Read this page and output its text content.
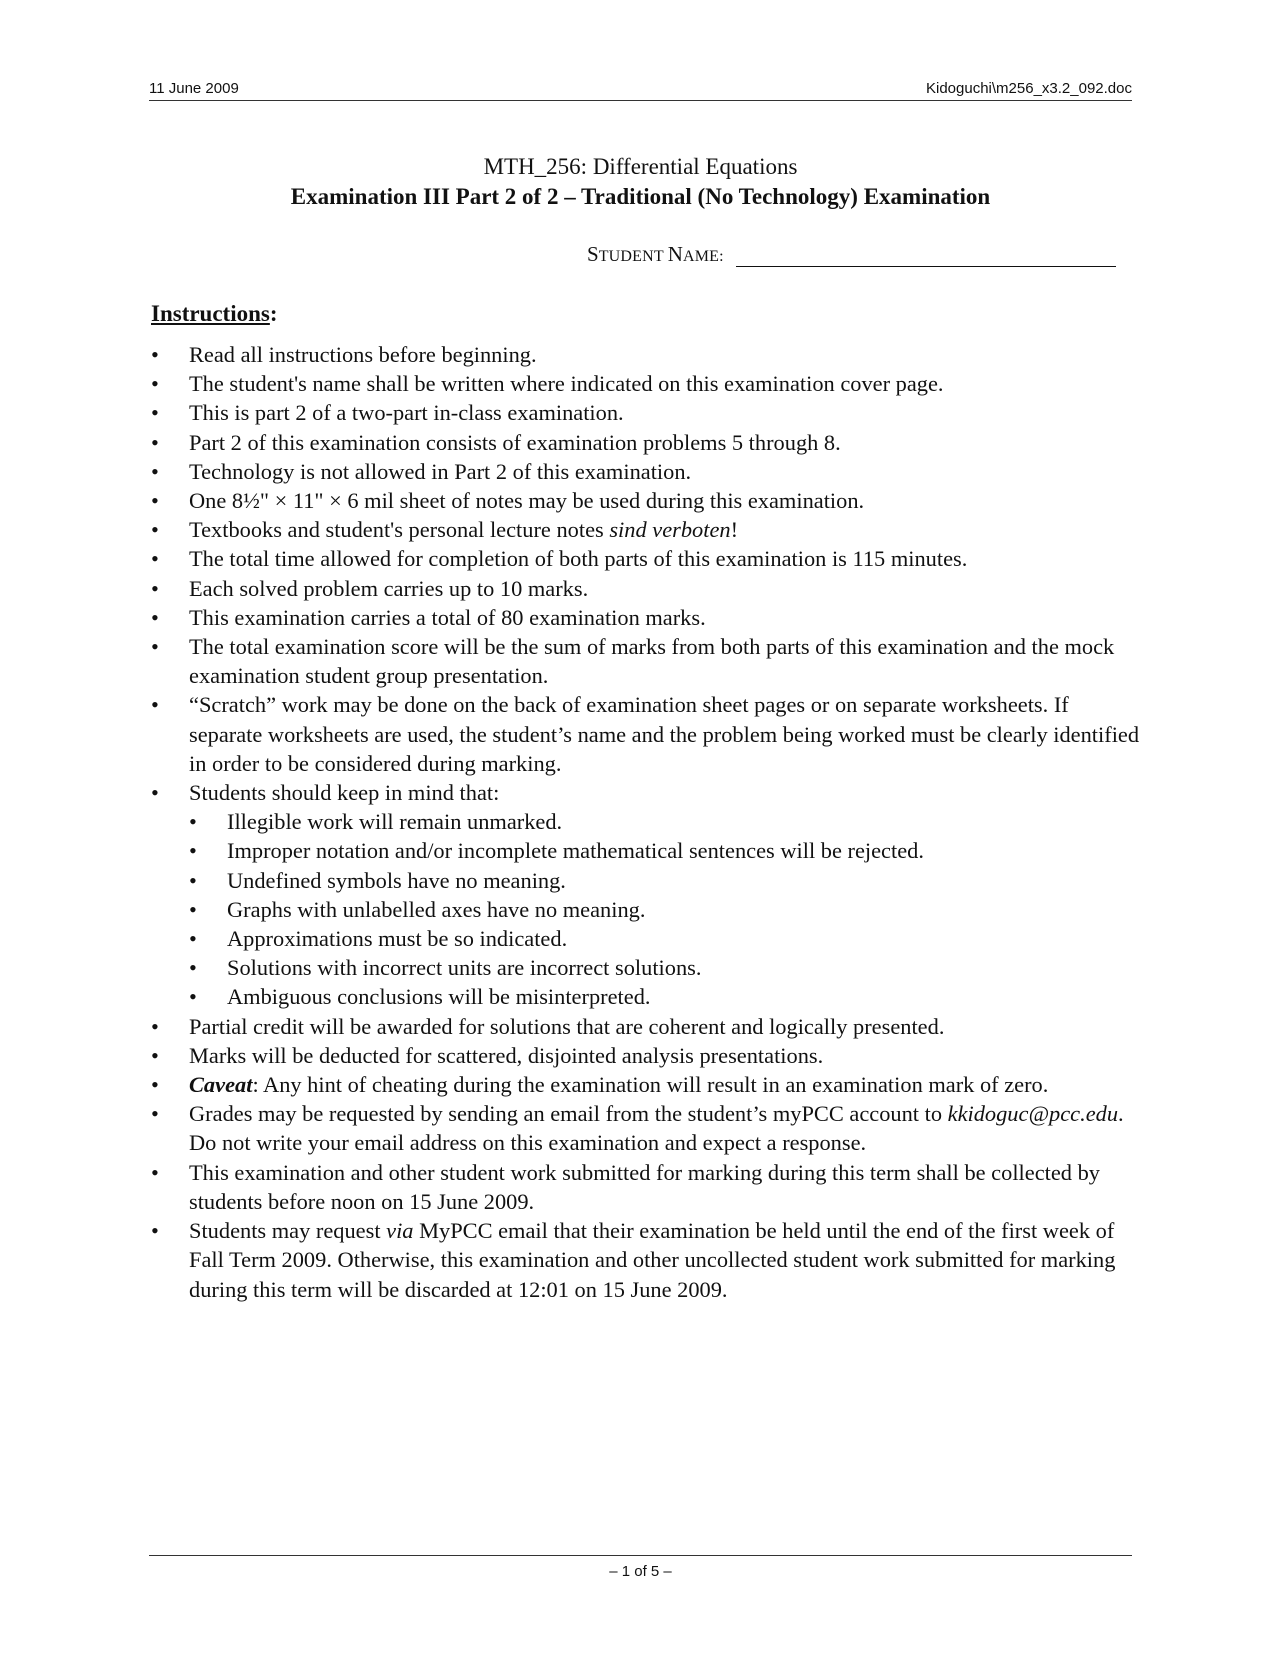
11 June 2009	Kidoguchi\m256_x3.2_092.doc
MTH_256: Differential Equations
Examination III Part 2 of 2 – Traditional (No Technology) Examination
STUDENT NAME:
Instructions:
• Read all instructions before beginning.
• The student's name shall be written where indicated on this examination cover page.
• This is part 2 of a two-part in-class examination.
• Part 2 of this examination consists of examination problems 5 through 8.
• Technology is not allowed in Part 2 of this examination.
• One 8½" × 11" × 6 mil sheet of notes may be used during this examination.
• Textbooks and student's personal lecture notes sind verboten!
• The total time allowed for completion of both parts of this examination is 115 minutes.
• Each solved problem carries up to 10 marks.
• This examination carries a total of 80 examination marks.
• The total examination score will be the sum of marks from both parts of this examination and the mock examination student group presentation.
• “Scratch” work may be done on the back of examination sheet pages or on separate worksheets. If separate worksheets are used, the student’s name and the problem being worked must be clearly identified in order to be considered during marking.
• Students should keep in mind that:
• Illegible work will remain unmarked.
• Improper notation and/or incomplete mathematical sentences will be rejected.
• Undefined symbols have no meaning.
• Graphs with unlabelled axes have no meaning.
• Approximations must be so indicated.
• Solutions with incorrect units are incorrect solutions.
• Ambiguous conclusions will be misinterpreted.
• Partial credit will be awarded for solutions that are coherent and logically presented.
• Marks will be deducted for scattered, disjointed analysis presentations.
• Caveat: Any hint of cheating during the examination will result in an examination mark of zero.
• Grades may be requested by sending an email from the student’s myPCC account to kkidoguc@pcc.edu. Do not write your email address on this examination and expect a response.
• This examination and other student work submitted for marking during this term shall be collected by students before noon on 15 June 2009.
• Students may request via MyPCC email that their examination be held until the end of the first week of Fall Term 2009. Otherwise, this examination and other uncollected student work submitted for marking during this term will be discarded at 12:01 on 15 June 2009.
– 1 of 5 –
